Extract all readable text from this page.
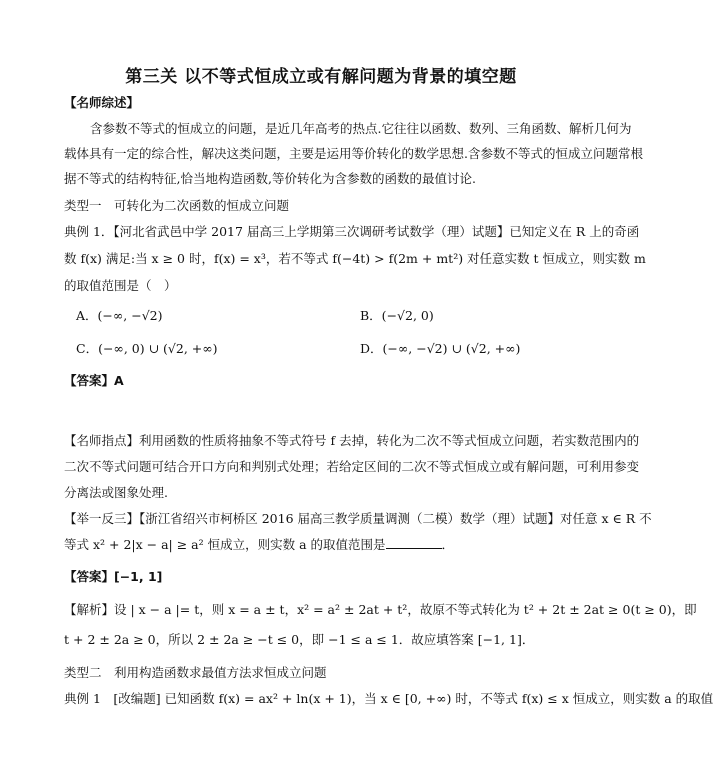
第三关 以不等式恒成立或有解问题为背景的填空题
【名师综述】
含参数不等式的恒成立的问题，是近几年高考的热点.它往往以函数、数列、三角函数、解析几何为
载体具有一定的综合性，解决这类问题，主要是运用等价转化的数学思想.含参数不等式的恒成立问题常根
据不等式的结构特征,恰当地构造函数,等价转化为含参数的函数的最值讨论.
类型一　可转化为二次函数的恒成立问题
典例 1．【河北省武邑中学 2017 届高三上学期第三次调研考试数学（理）试题】已知定义在 R 上的奇函
数 f(x) 满足:当 x ≥ 0 时，f(x) = x³，若不等式 f(−4t) > f(2m + mt²) 对任意实数 t 恒成立，则实数 m
的取值范围是（　）
A．(−∞, −√2)	B．(−√2, 0)
C．(−∞, 0) ∪ (√2, +∞)	D．(−∞, −√2) ∪ (√2, +∞)
【答案】A
【名师指点】利用函数的性质将抽象不等式符号 f 去掉，转化为二次不等式恒成立问题，若实数范围内的
二次不等式问题可结合开口方向和判别式处理；若给定区间的二次不等式恒成立或有解问题，可利用参变
分离法或图象处理.
【举一反三】【浙江省绍兴市柯桥区 2016 届高三教学质量调测（二模）数学（理）试题】对任意 x ∈ R 不
等式 x² + 2|x − a| ≥ a² 恒成立，则实数 a 的取值范围是	．
【答案】[−1, 1]
【解析】设 | x − a |= t，则 x = a ± t，x² = a² ± 2at + t²，故原不等式转化为 t² + 2t ± 2at ≥ 0(t ≥ 0)，即
t + 2 ± 2a ≥ 0，所以 2 ± 2a ≥ −t ≤ 0，即 −1 ≤ a ≤ 1．故应填答案 [−1, 1]．
类型二　利用构造函数求最值方法求恒成立问题
典例 1　[改编题] 已知函数 f(x) = ax² + ln(x + 1)，当 x ∈ [0, +∞) 时，不等式 f(x) ≤ x 恒成立，则实数 a 的取值
